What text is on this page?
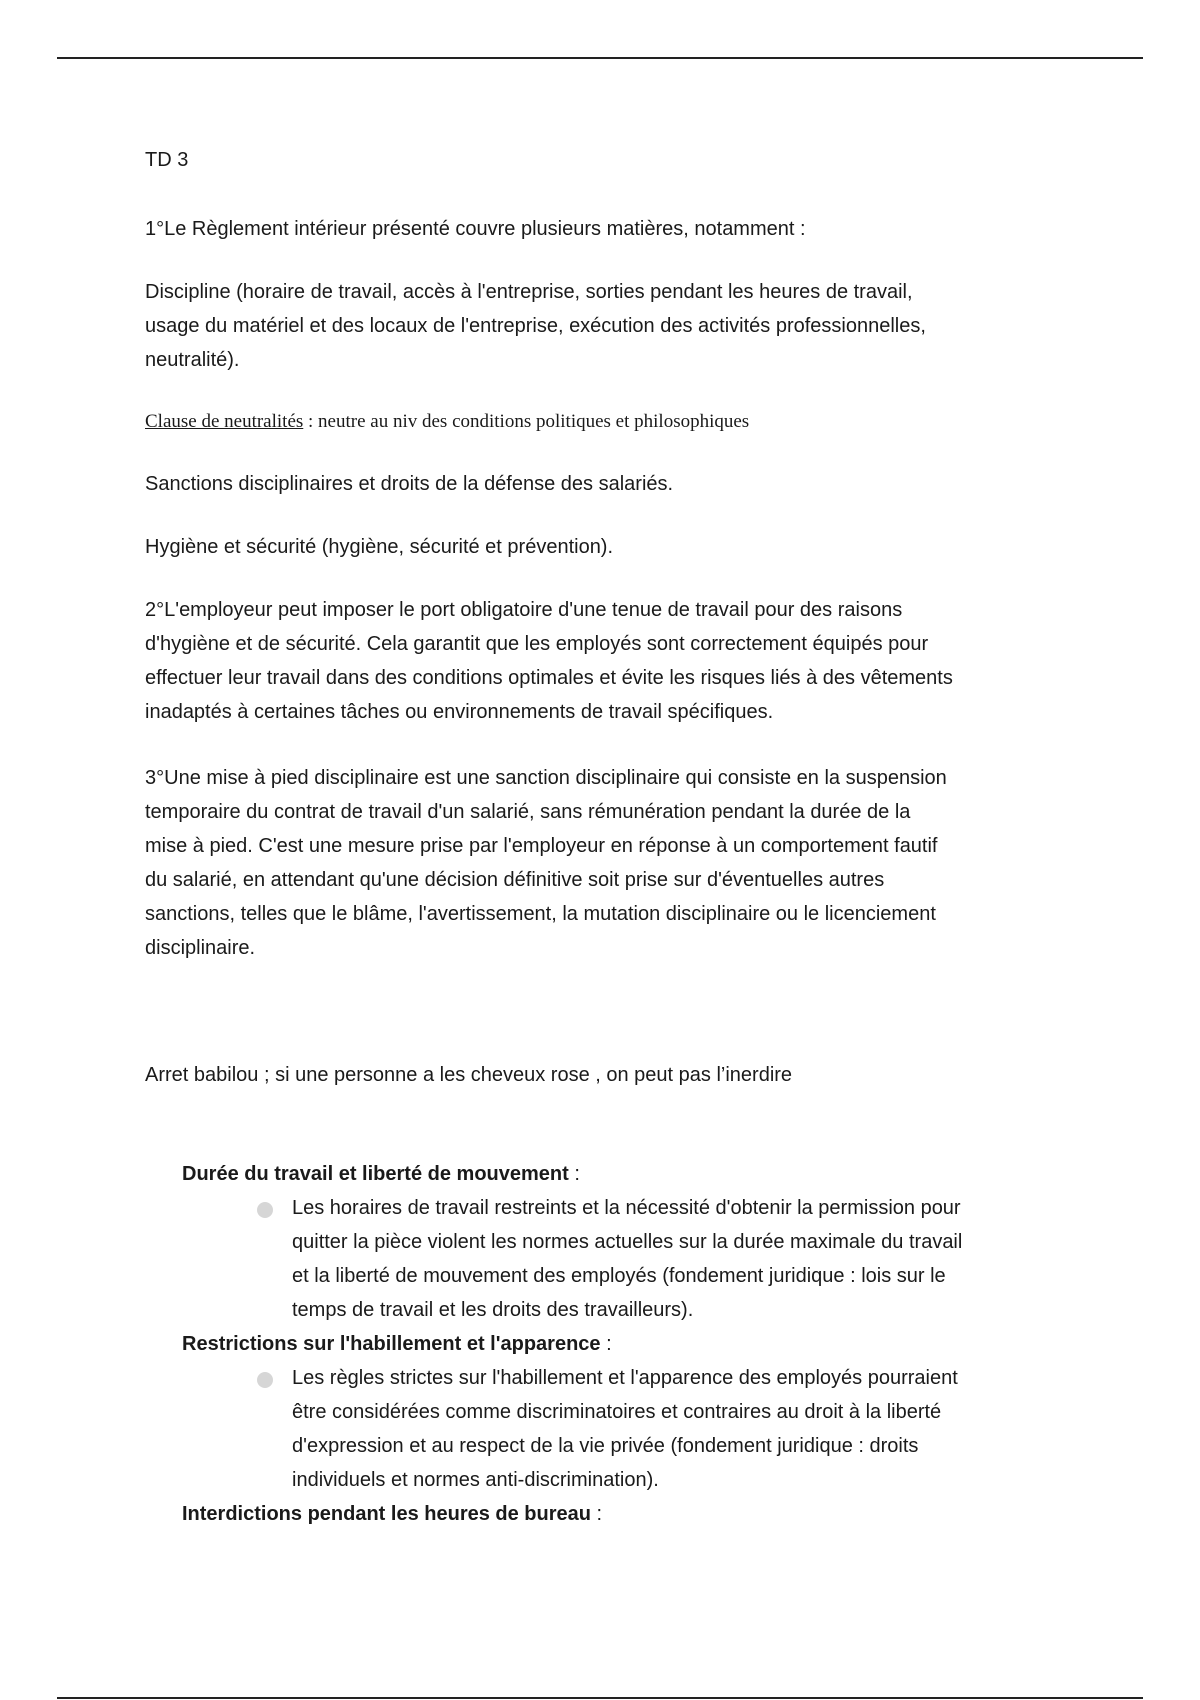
TD 3

1°Le Règlement intérieur présenté couvre plusieurs matières, notamment :

Discipline (horaire de travail, accès à l'entreprise, sorties pendant les heures de travail,

usage du matériel et des locaux de l'entreprise, exécution des activités professionnelles,

neutralité).

Clause de neutralités : neutre au niv des conditions politiques et philosophiques

Sanctions disciplinaires et droits de la défense des salariés.

Hygiène et sécurité (hygiène, sécurité et prévention).

2°L'employeur peut imposer le port obligatoire d'une tenue de travail pour des raisons

d'hygiène et de sécurité. Cela garantit que les employés sont correctement équipés pour

effectuer leur travail dans des conditions optimales et évite les risques liés à des vêtements

inadaptés à certaines tâches ou environnements de travail spécifiques.

3°Une mise à pied disciplinaire est une sanction disciplinaire qui consiste en la suspension

temporaire du contrat de travail d'un salarié, sans rémunération pendant la durée de la

mise à pied. C'est une mesure prise par l'employeur en réponse à un comportement fautif

du salarié, en attendant qu'une décision définitive soit prise sur d'éventuelles autres

sanctions, telles que le blâme, l'avertissement, la mutation disciplinaire ou le licenciement

disciplinaire.

Arret babilou ; si une personne a les cheveux rose , on peut pas l’inerdire

Durée du travail et liberté de mouvement :

Les horaires de travail restreints et la nécessité d'obtenir la permission pour

quitter la pièce violent les normes actuelles sur la durée maximale du travail

et la liberté de mouvement des employés (fondement juridique : lois sur le

temps de travail et les droits des travailleurs).

Restrictions sur l'habillement et l'apparence :

Les règles strictes sur l'habillement et l'apparence des employés pourraient

être considérées comme discriminatoires et contraires au droit à la liberté

d'expression et au respect de la vie privée (fondement juridique : droits

individuels et normes anti-discrimination).

Interdictions pendant les heures de bureau :
